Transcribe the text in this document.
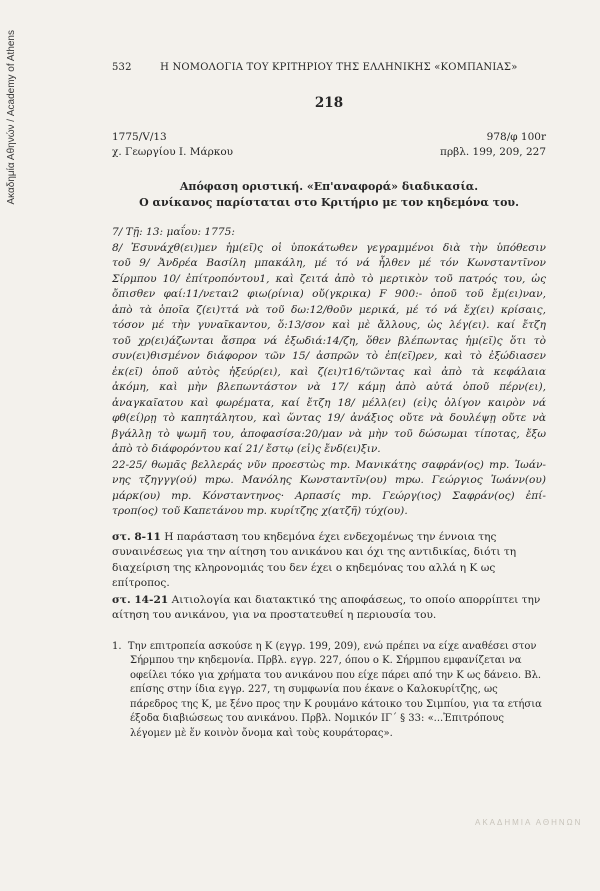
Ακαδημία Αθηνών / Academy of Athens	532	Η ΝΟΜΟΛΟΓΙΑ ΤΟΥ ΚΡΙΤΗΡΙΟΥ ΤΗΣ ΕΛΛΗΝΙΚΗΣ «ΚΟΜΠΑΝΙΑΣ»
218
1775/V/13
χ. Γεωργίου Ι. Μάρκου
978/φ 100r
πρβλ. 199, 209, 227
Απόφαση οριστική. «Επ'αναφορά» διαδικασία.
Ο ανίκανος παρίσταται στο Κριτήριο με τον κηδεμόνα του.

7/ Τῇ: 13: μαΐου: 1775:

8/ Ἐσυνάχθ(ει)μεν ἡμ(εῖ)ς οἱ ὑποκάτωθεν γεγραμμένοι διὰ τὴν ὑπόθεσιν
τοῦ 9/ Ἀνδρέα Βασίλη μπακάλη, μέ τό νά ἦλθεν μέ τόν Κωνσταντῖνον
Σίρμπου 10/ ἐπίτροπόντου1, καὶ ζειτά ἀπὸ τὸ μερτικὸν τοῦ πατρός του, ὡς
ὄπισθεν φαί:11/νεται2 φιω(ρίνια) οὔ(γκρικα) F 900:- ὁποῦ τοῦ ἔμ(ει)ναν,
ἀπὸ τὰ ὁποῖα ζ(ει)ττά νὰ τοῦ δω:12/θοῦν μερικά, μέ τό νά ἔχ(ει) κρίσαις,
τόσον μέ τὴν γυναῖκαντου, ὅ:13/σον καὶ μὲ ἄλλους, ὡς λέγ(ει). καί ἔτζη
τοῦ χρ(ει)άζωνται ἄσπρα νά ἐξωδιά:14/ζη, ὅθεν βλέπωντας ἡμ(εῖ)ς ὅτι τὸ
συν(ει)θισμένον διάφορον τῶν 15/ ἀσπρῶν τὸ ἐπ(εῖ)ρεν, καὶ τὸ ἐξώδιασεν
ἐκ(εῖ) ὁποῦ αὐτὸς ἠξεύρ(ει), καὶ ζ(ει)τ16/τῶντας καὶ ἀπὸ τὰ κεφάλαια
ἀκόμη, καὶ μὴν βλεπωντάστον νὰ 17/ κάμῃ ἀπὸ αὐτά ὁποῦ πέρν(ει),
ἀναγκαῖατου καὶ φωρέματα, καί ἔτζη 18/ μέλλ(ει) (εἰ)ς ὀλίγον καιρὸν νά
φθ(εί)ρῃ τὸ καπητάλητου, καὶ ὥντας 19/ ἀνάξιος οὔτε νὰ δουλέψῃ οὔτε νὰ
βγάλλῃ τὸ ψωμῆ του, ἀποφασίσα:20/μαν νὰ μὴν τοῦ δώσωμαι τίποτας, ἔξω
ἀπὸ τὸ διάφορόντου καί 21/ ἔστῳ (εἰ)ς ἔνδ(ει)ξιν.

22-25/ θωμᾶς βελλεράς νῦν προεστὼς mp. Μανικάτης σαφράν(ος) mp. Ἰωάν-
νης τζηγγγ(ού) mpω. Μανόλης Κωνσταντῖν(ου) mpω. Γεώργιος Ἰωάνν(ου)
μάρκ(ου) mp. Κόνσταντηνος· Αρπασίς mp. Γεώργ(ιος) Σαφράν(ος) ἐπί-
τροπ(ος) τοῦ Καπετάνου mp. κυρίτζης χ(ατζῆ) τύχ(ου).

στ. 8-11 Η παράσταση του κηδεμόνα έχει ενδεχομένως την έννοια της συναινέσεως για την αίτηση του ανικάνου και όχι της αντιδικίας, διότι τη διαχείριση της κληρονομιάς του δεν έχει ο κηδεμόνας του αλλά η Κ ως επίτροπος.
στ. 14-21 Αιτιολογία και διατακτικό της αποφάσεως, το οποίο απορρίπτει την αίτηση του ανικάνου, για να προστατευθεί η περιουσία του.
1. Την επιτροπεία ασκούσε η Κ (εγγρ. 199, 209), ενώ πρέπει να είχε αναθέσει στον Σήρμπου την κηδεμονία. Πρβλ. εγγρ. 227, όπου ο Κ. Σήρμπου εμφανίζεται να οφείλει τόκο για χρήματα του ανικάνου που είχε πάρει από την Κ ως δάνειο. Βλ. επίσης στην ίδια εγγρ. 227, τη συμφωνία που έκανε ο Καλοκυρίτζης, ως πάρεδρος της Κ, με ξένο προς την Κ ρουμάνο κάτοικο του Σιμπίου, για τα ετήσια έξοδα διαβιώσεως του ανικάνου. Πρβλ. Νομικόν ΙΓ΄ § 33: «...Ἐπιτρόπους λέγομεν μὲ ἕν κοινὸν ὄνομα καὶ τοὺς κουράτορας».
ΑΚΑΔΗΜΙΑ ΑΘΗΝΩΝ
